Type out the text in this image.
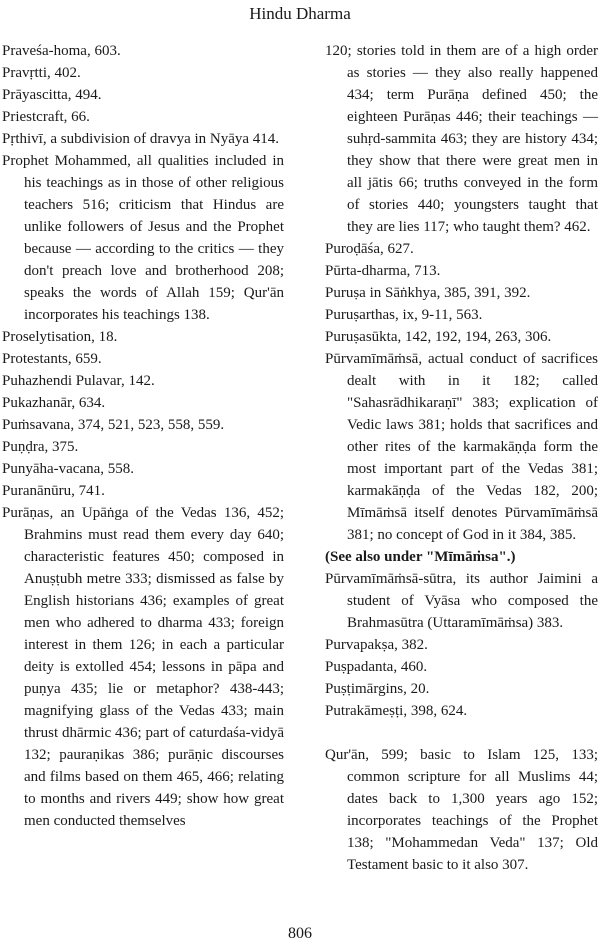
Hindu Dharma

Praveśa-homa, 603.

Pravṛtti, 402.

Prāyascitta, 494.

Priestcraft, 66.

Pṛthivī, a subdivision of dravya in Nyāya 414.

Prophet Mohammed, all qualities included in his teachings as in those of other religious teachers 516; criticism that Hindus are unlike followers of Jesus and the Prophet because — according to the critics — they don't preach love and brotherhood 208; speaks the words of Allah 159; Qur'ān incorporates his teachings 138.

Proselytisation, 18.

Protestants, 659.

Puhazhendi Pulavar, 142.

Pukazhanār, 634.

Puṁsavana, 374, 521, 523, 558, 559.

Puṇḍra, 375.

Punyāha-vacana, 558.

Puranānūru, 741.

Purāṇas, an Upāṅga of the Vedas 136, 452; Brahmins must read them every day 640; characteristic features 450; composed in Anuṣṭubh metre 333; dismissed as false by English historians 436; examples of great men who adhered to dharma 433; foreign interest in them 126; in each a particular deity is extolled 454; lessons in pāpa and puṇya 435; lie or metaphor? 438-443; magnifying glass of the Vedas 433; main thrust dhārmic 436; part of caturdaśa-vidyā 132; pauraṇikas 386; purāṇic discourses and films based on them 465, 466; relating to months and rivers 449; show how great men conducted themselves

120; stories told in them are of a high order as stories — they also really happened 434; term Purāṇa defined 450; the eighteen Purāṇas 446; their teachings — suhṛd-sammita 463; they are history 434; they show that there were great men in all jātis 66; truths conveyed in the form of stories 440; youngsters taught that they are lies 117; who taught them? 462.

Puroḍāśa, 627.

Pūrta-dharma, 713.

Puruṣa in Sāṅkhya, 385, 391, 392.

Puruṣarthas, ix, 9-11, 563.

Puruṣasūkta, 142, 192, 194, 263, 306.

Pūrvamīmāṁsā, actual conduct of sacrifices dealt with in it 182; called "Sahasrādhikaraṇī" 383; explication of Vedic laws 381; holds that sacrifices and other rites of the karmakāṇḍa form the most important part of the Vedas 381; karmakāṇḍa of the Vedas 182, 200; Mīmāṁsā itself denotes Pūrvamīmāṁsā 381; no concept of God in it 384, 385.

(See also under "Mīmāṁsa".)

Pūrvamīmāṁsā-sūtra, its author Jaimini a student of Vyāsa who composed the Brahmasūtra (Uttaramīmāṁsa) 383.

Purvapakṣa, 382.

Puṣpadanta, 460.

Puṣṭimārgins, 20.

Putrakāmeṣṭi, 398, 624.

Qur'ān, 599; basic to Islam 125, 133; common scripture for all Muslims 44; dates back to 1,300 years ago 152; incorporates teachings of the Prophet 138; "Mohammedan Veda" 137; Old Testament basic to it also 307.

806
